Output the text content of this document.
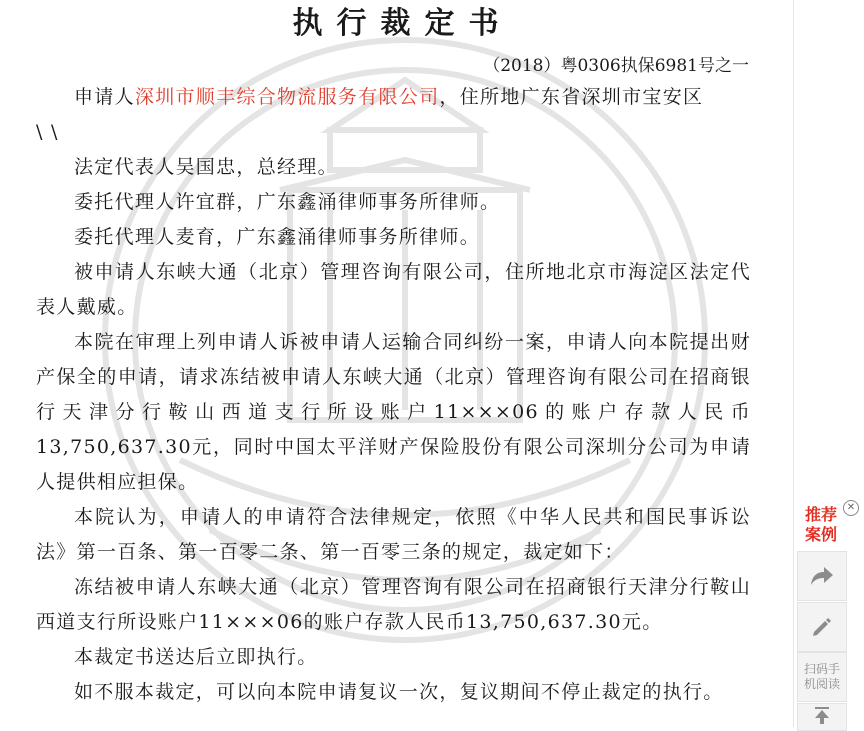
执行裁定书
（2018）粤0306执保6981号之一

申请人深圳市顺丰综合物流服务有限公司，住所地广东省深圳市宝安区

\ \

法定代表人吴国忠，总经理。

委托代理人许宜群，广东鑫涌律师事务所律师。

委托代理人麦育，广东鑫涌律师事务所律师。

被申请人东峡大通（北京）管理咨询有限公司，住所地北京市海淀区法定代表人戴威。

本院在审理上列申请人诉被申请人运输合同纠纷一案，申请人向本院提出财产保全的申请，请求冻结被申请人东峡大通（北京）管理咨询有限公司在招商银行天津分行鞍山西道支行所设账户11×××06的账户存款人民币13,750,637.30元，同时中国太平洋财产保险股份有限公司深圳分公司为申请人提供相应担保。

本院认为，申请人的申请符合法律规定，依照《中华人民共和国民事诉讼法》第一百条、第一百零二条、第一百零三条的规定，裁定如下：

冻结被申请人东峡大通（北京）管理咨询有限公司在招商银行天津分行鞍山西道支行所设账户11×××06的账户存款人民币13,750,637.30元。

本裁定书送达后立即执行。

如不服本裁定，可以向本院申请复议一次，复议期间不停止裁定的执行。

推荐
案例
✕
扫码手
机阅读
